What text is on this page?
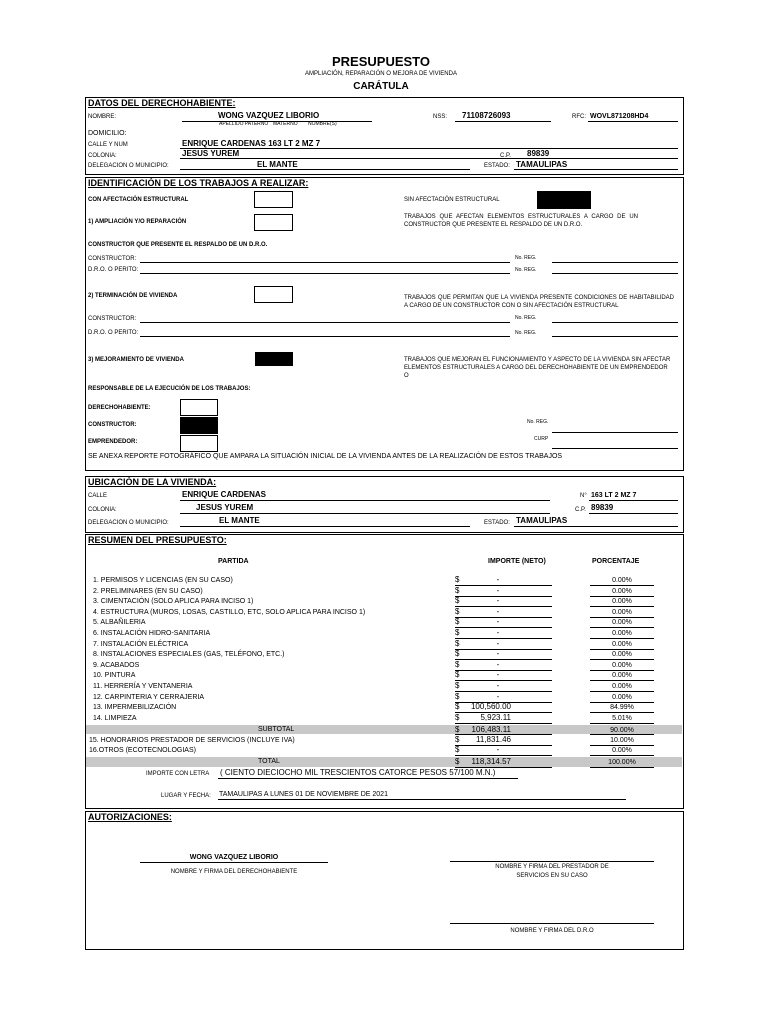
PRESUPUESTO
AMPLIACIÓN, REPARACIÓN O MEJORA DE VIVIENDA
CARÁTULA
DATOS DEL DERECHOHABIENTE:
NOMBRE:	WONG VAZQUEZ LIBORIO
APELLIDO PATERNO MATERNO NOMBRE(S)
NSS: 71108726093	RFC: WOVL871208HD4
DOMICILIO:
CALLE Y NUM	ENRIQUE CARDENAS 163 LT 2 MZ 7
COLONIA:	JESUS YUREM	C.P. 89839
DELEGACION O MUNICIPIO:	EL MANTE	ESTADO: TAMAULIPAS
IDENTIFICACIÓN DE LOS TRABAJOS A REALIZAR:
CON AFECTACIÓN ESTRUCTURAL	SIN AFECTACIÓN ESTRUCTURAL
1) AMPLIACIÓN Y/O REPARACIÓN
TRABAJOS QUE AFECTAN ELEMENTOS ESTRUCTURALES A CARGO DE UN CONSTRUCTOR QUE PRESENTE EL RESPALDO DE UN D.R.O.
CONSTRUCTOR QUE PRESENTE EL RESPALDO DE UN D.R.O.
CONSTRUCTOR:	No. REG.
D.R.O. O PERITO:	No. REG.
2) TERMINACIÓN DE VIVIENDA	TRABAJOS QUE PERMITAN QUE LA VIVIENDA PRESENTE CONDICIONES DE HABITABILIDAD A CARGO DE UN CONSTRUCTOR CON O SIN AFECTACIÓN ESTRUCTURAL
CONSTRUCTOR:	No. REG.
D.R.O. O PERITO:	No. REG.
3) MEJORAMIENTO DE VIVIENDA	TRABAJOS QUE MEJORAN EL FUNCIONAMIENTO Y ASPECTO DE LA VIVIENDA SIN AFECTAR ELEMENTOS ESTRUCTURALES A CARGO DEL DERECHOHABIENTE DE UN EMPRENDEDOR O
RESPONSABLE DE LA EJECUCIÓN DE LOS TRABAJOS:
DERECHOHABIENTE:
CONSTRUCTOR:	No. REG.
EMPRENDEDOR:	CURP
SE ANEXA REPORTE FOTOGRÁFICO QUE AMPARA LA SITUACIÓN INICIAL DE LA VIVIENDA ANTES DE LA REALIZACIÓN DE ESTOS TRABAJOS
UBICACIÓN DE LA VIVIENDA:
CALLE	ENRIQUE CARDENAS	N° 163 LT 2 MZ 7
COLONIA:	JESUS YUREM	C.P. 89839
DELEGACION O MUNICIPIO:	EL MANTE	ESTADO: TAMAULIPAS
RESUMEN DEL PRESUPUESTO:
PARTIDA	IMPORTE (NETO)	PORCENTAJE
1. PERMISOS Y LICENCIAS (EN SU CASO)	$	-	0.00%
2. PRELIMINARES (EN SU CASO)	$	-	0.00%
3. CIMENTACIÓN (SOLO APLICA PARA INCISO 1)	$	-	0.00%
4. ESTRUCTURA (MUROS, LOSAS, CASTILLO, ETC, SOLO APLICA PARA INCISO 1)	$	-	0.00%
5. ALBAÑILERIA	$	-	0.00%
6. INSTALACIÓN HIDRO-SANITARIA	$	-	0.00%
7. INSTALACIÓN ELÉCTRICA	$	-	0.00%
8. INSTALACIONES ESPECIALES (GAS, TELÉFONO, ETC.)	$	-	0.00%
9. ACABADOS	$	-	0.00%
10. PINTURA	$	-	0.00%
11. HERRERÍA Y VENTANERIA	$	-	0.00%
12. CARPINTERIA Y CERRAJERIA	$	-	0.00%
13. IMPERMEBILIZACIÓN	$	100,560.00	84.99%
14. LIMPIEZA	$	5,923.11	5.01%
SUBTOTAL	$	106,483.11	90.00%
15. HONORARIOS PRESTADOR DE SERVICIOS (INCLUYE IVA)	$	11,831.46	10.00%
16.OTROS (ECOTECNOLOGIAS)	$	-	0.00%
TOTAL	$	118,314.57	100.00%
IMPORTE CON LETRA ( CIENTO DIECIOCHO MIL TRESCIENTOS CATORCE PESOS 57/100 M.N.)
LUGAR Y FECHA: TAMAULIPAS A LUNES 01 DE NOVIEMBRE DE 2021
AUTORIZACIONES:
WONG VAZQUEZ LIBORIO
NOMBRE Y FIRMA DEL DERECHOHABIENTE
NOMBRE Y FIRMA DEL PRESTADOR DE
SERVICIOS EN SU CASO
NOMBRE Y FIRMA DEL D.R.O
